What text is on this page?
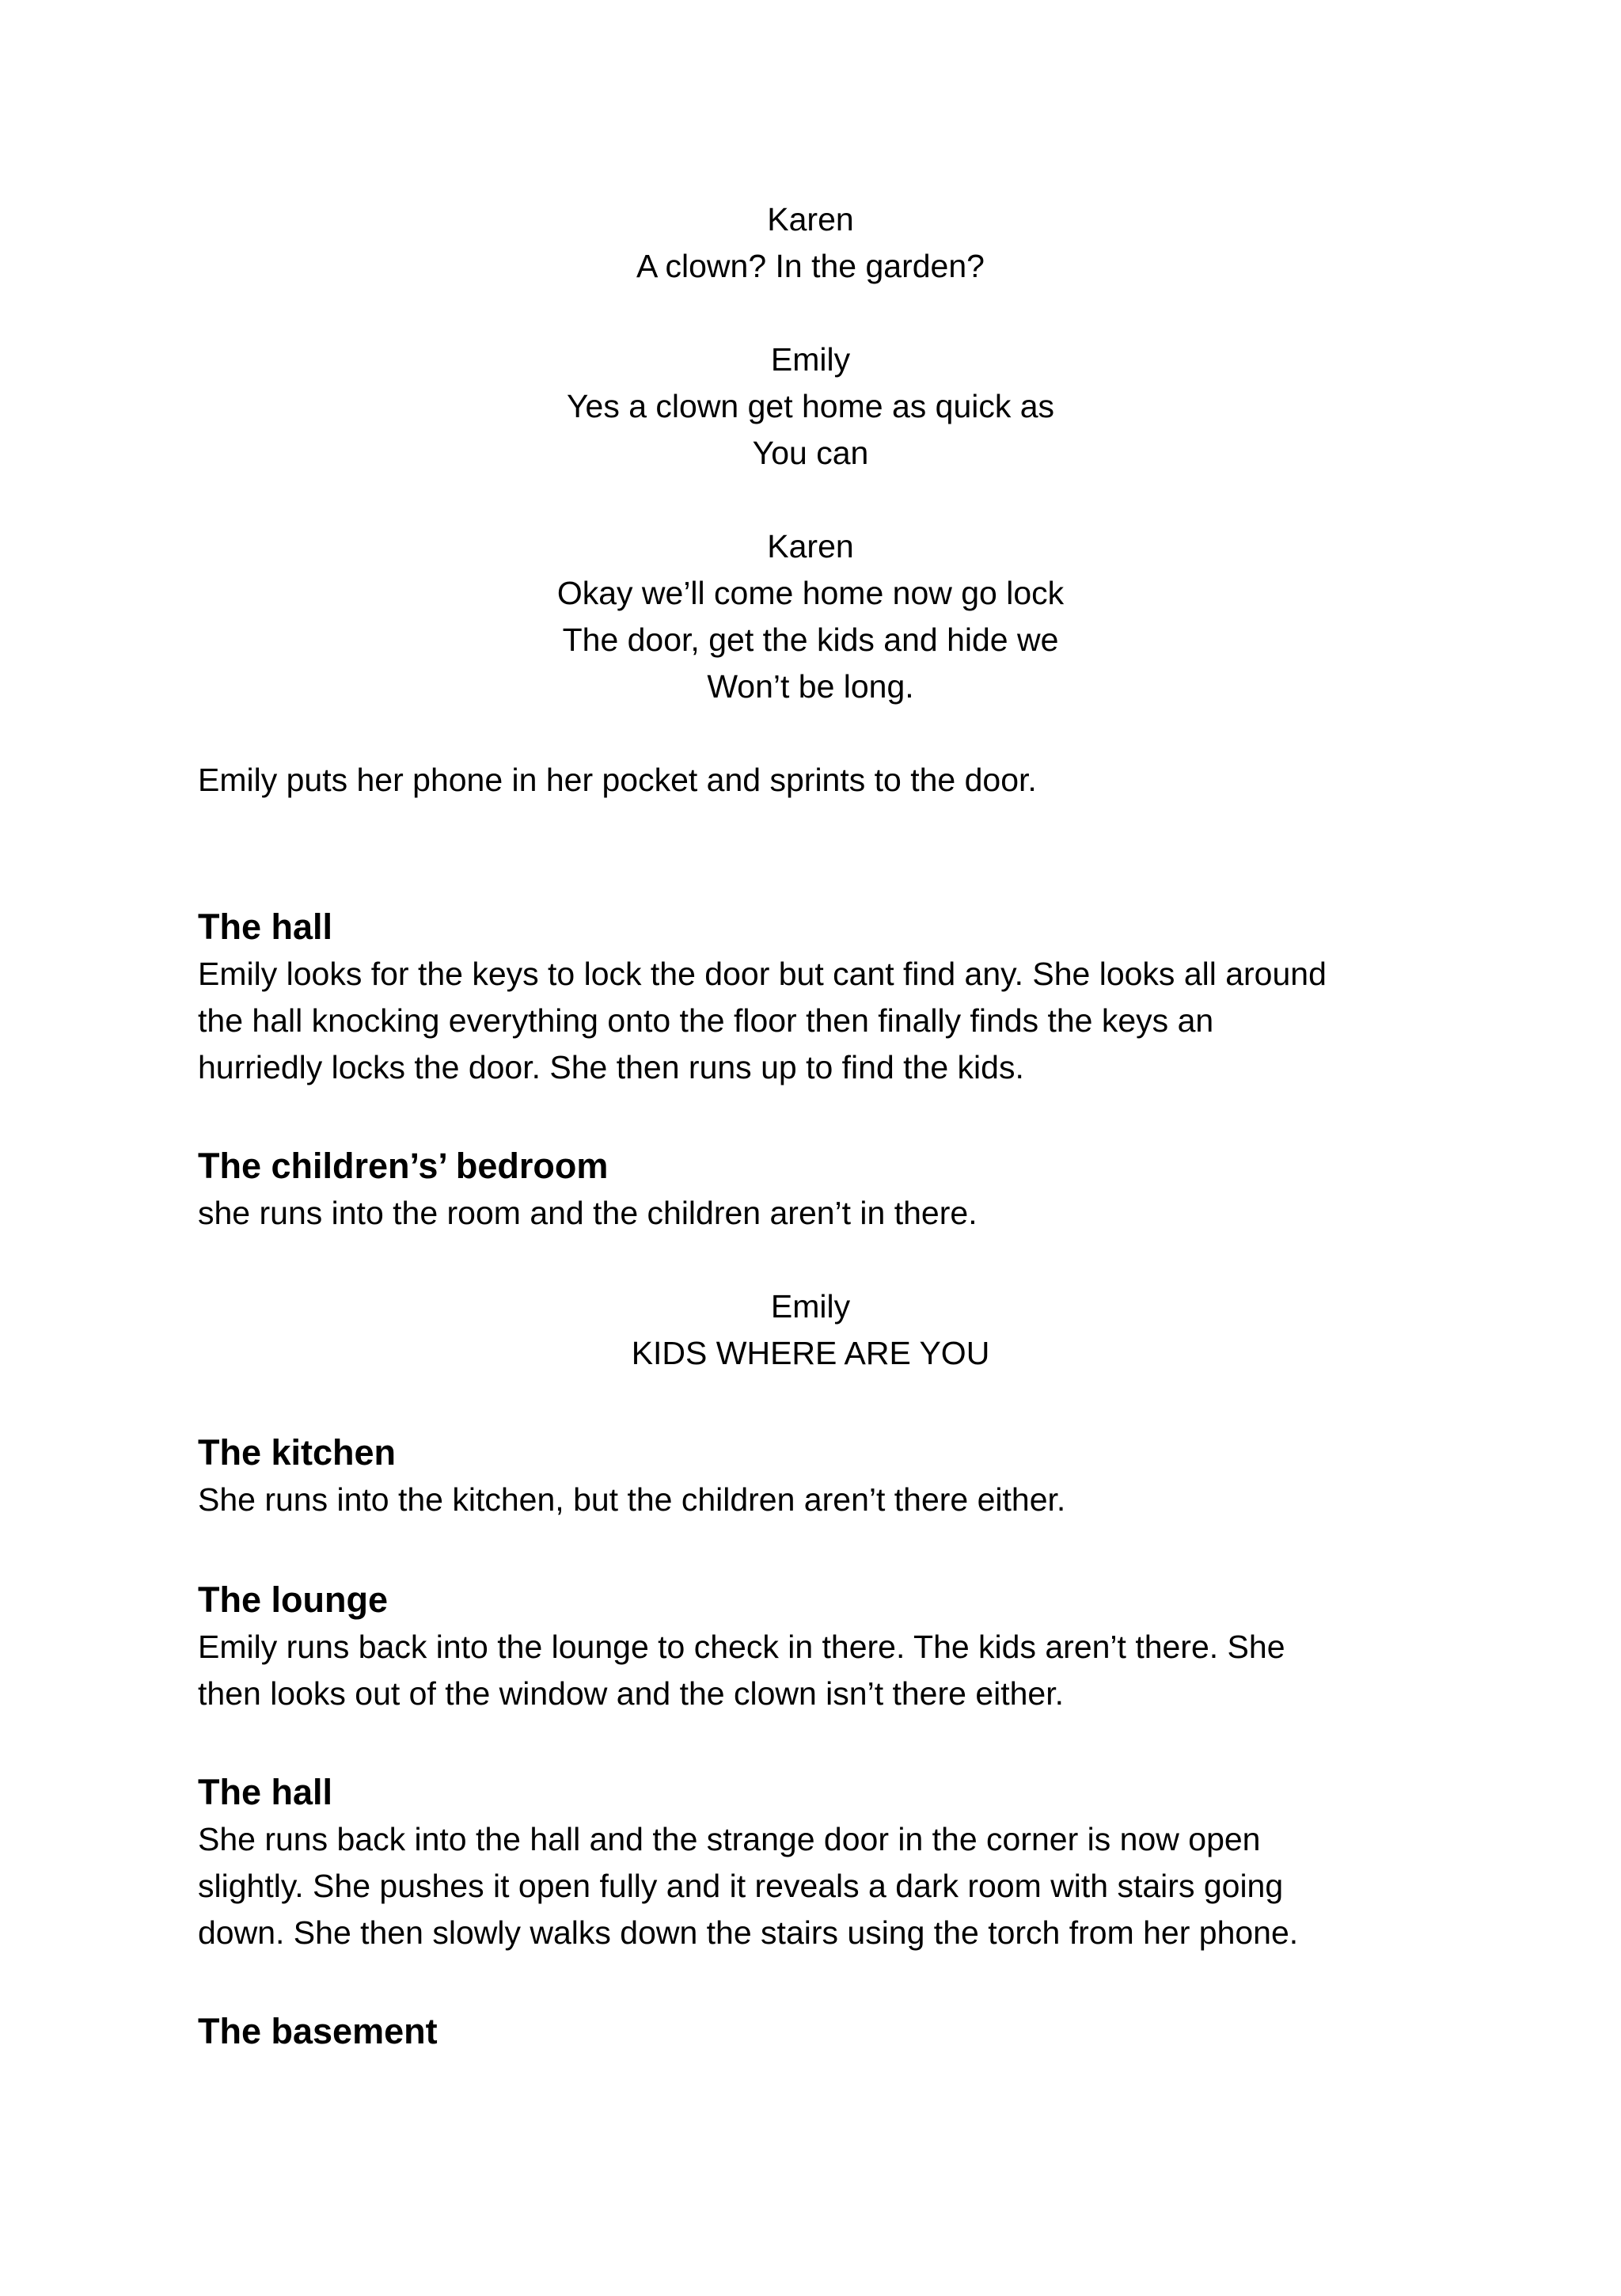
Karen
A clown? In the garden?
Emily
Yes a clown get home as quick as
You can
Karen
Okay we’ll come home now go lock
The door, get the kids and hide we
Won’t be long.
Emily puts her phone in her pocket and sprints to the door.
The hall
Emily looks for the keys to lock the door but cant find any. She looks all around
the hall knocking everything onto the floor then finally finds the keys an
hurriedly locks the door. She then runs up to find the kids.
The children’s’ bedroom
she runs into the room and the children aren’t in there.
Emily
KIDS WHERE ARE YOU
The kitchen
She runs into the kitchen, but the children aren’t there either.
The lounge
Emily runs back into the lounge to check in there. The kids aren’t there. She
then looks out of the window and the clown isn’t there either.
The hall
She runs back into the hall and the strange door in the corner is now open
slightly. She pushes it open fully and it reveals a dark room with stairs going
down. She then slowly walks down the stairs using the torch from her phone.
The basement
